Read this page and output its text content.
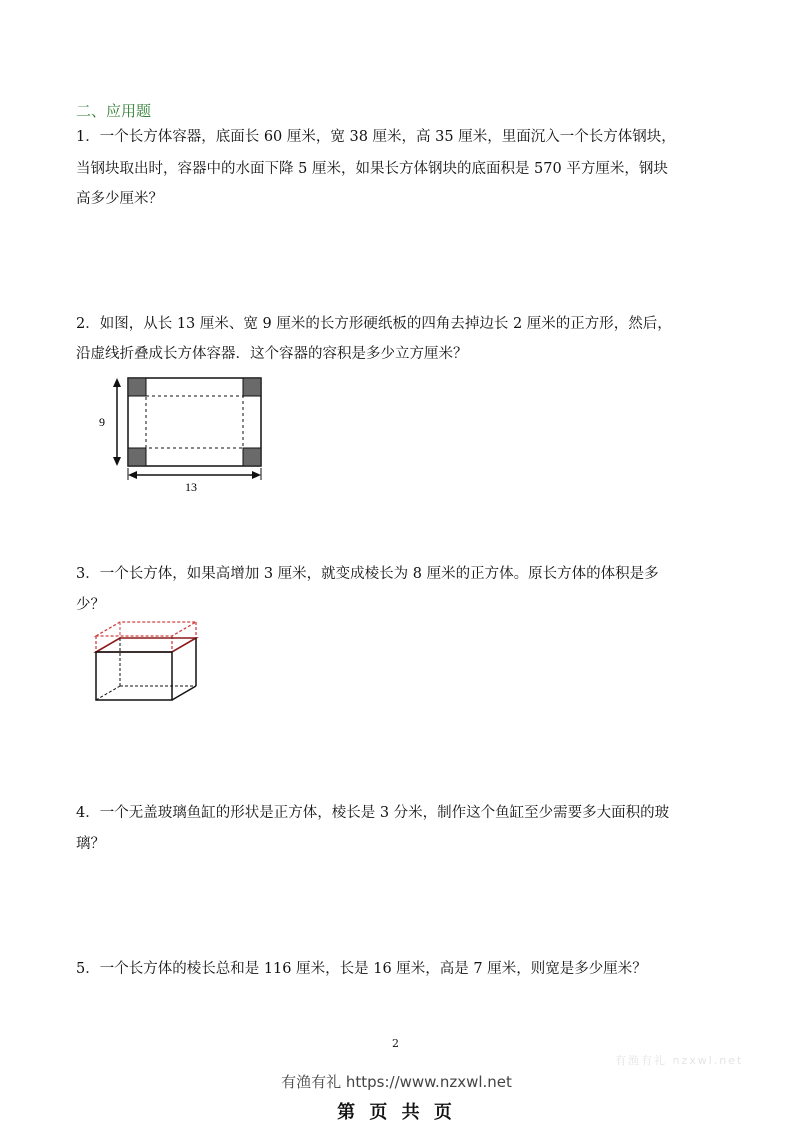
二、应用题
1．一个长方体容器，底面长 60 厘米，宽 38 厘米，高 35 厘米，里面沉入一个长方体钢块，
当钢块取出时，容器中的水面下降 5 厘米，如果长方体钢块的底面积是 570 平方厘米，钢块
高多少厘米？
2．如图，从长 13 厘米、宽 9 厘米的长方形硬纸板的四角去掉边长 2 厘米的正方形，然后，
沿虚线折叠成长方体容器．这个容器的容积是多少立方厘米？
9
13
3．一个长方体，如果高增加 3 厘米，就变成棱长为 8 厘米的正方体。原长方体的体积是多
少？
4．一个无盖玻璃鱼缸的形状是正方体，棱长是 3 分米，制作这个鱼缸至少需要多大面积的玻
璃？
5．一个长方体的棱长总和是 116 厘米，长是 16 厘米，高是 7 厘米，则宽是多少厘米？
2
有渔有礼 nzxwl.net
有渔有礼 https://www.nzxwl.net
第 页 共 页
